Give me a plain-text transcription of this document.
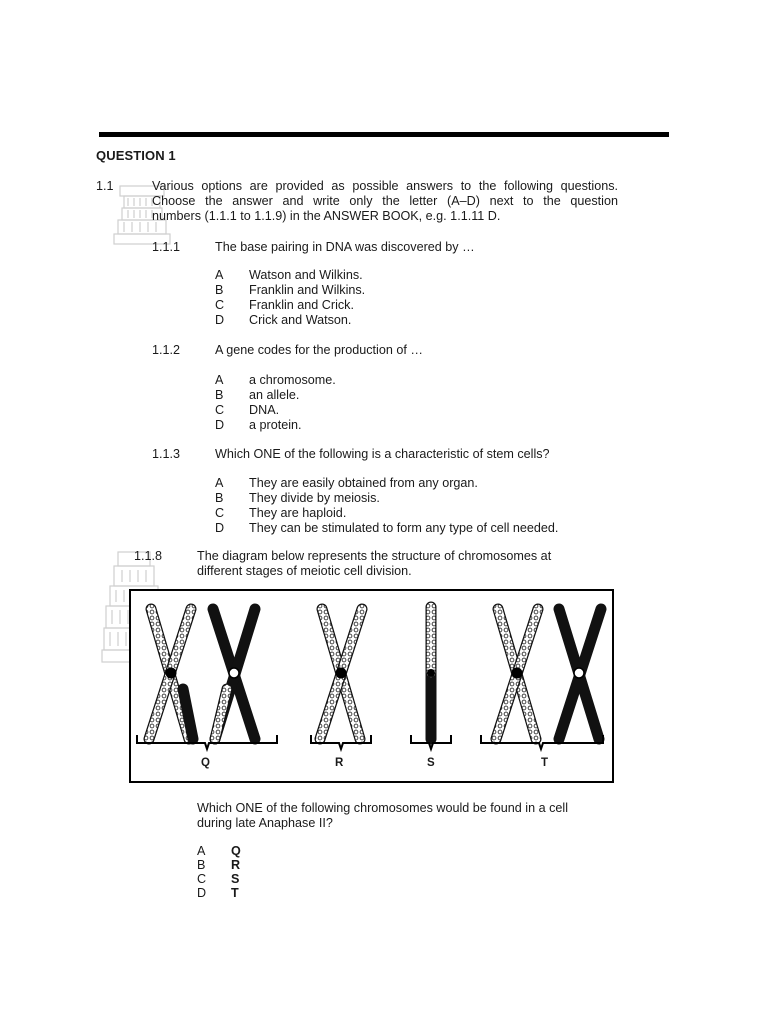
QUESTION 1
1.1	Various options are provided as possible answers to the following questions.
Choose the answer and write only the letter (A–D) next to the question
numbers (1.1.1 to 1.1.9) in the ANSWER BOOK, e.g. 1.1.11 D.
1.1.1	The base pairing in DNA was discovered by …
A	Watson and Wilkins.
B	Franklin and Wilkins.
C	Franklin and Crick.
D	Crick and Watson.
1.1.2	A gene codes for the production of …
A	a chromosome.
B	an allele.
C	DNA.
D	a protein.
1.1.3	Which ONE of the following is a characteristic of stem cells?
A	They are easily obtained from any organ.
B	They divide by meiosis.
C	They are haploid.
D	They can be stimulated to form any type of cell needed.
1.1.8	The diagram below represents the structure of chromosomes at
different stages of meiotic cell division.
Q	R	S	T
Which ONE of the following chromosomes would be found in a cell
during late Anaphase II?
A	Q
B	R
C	S
D	T
